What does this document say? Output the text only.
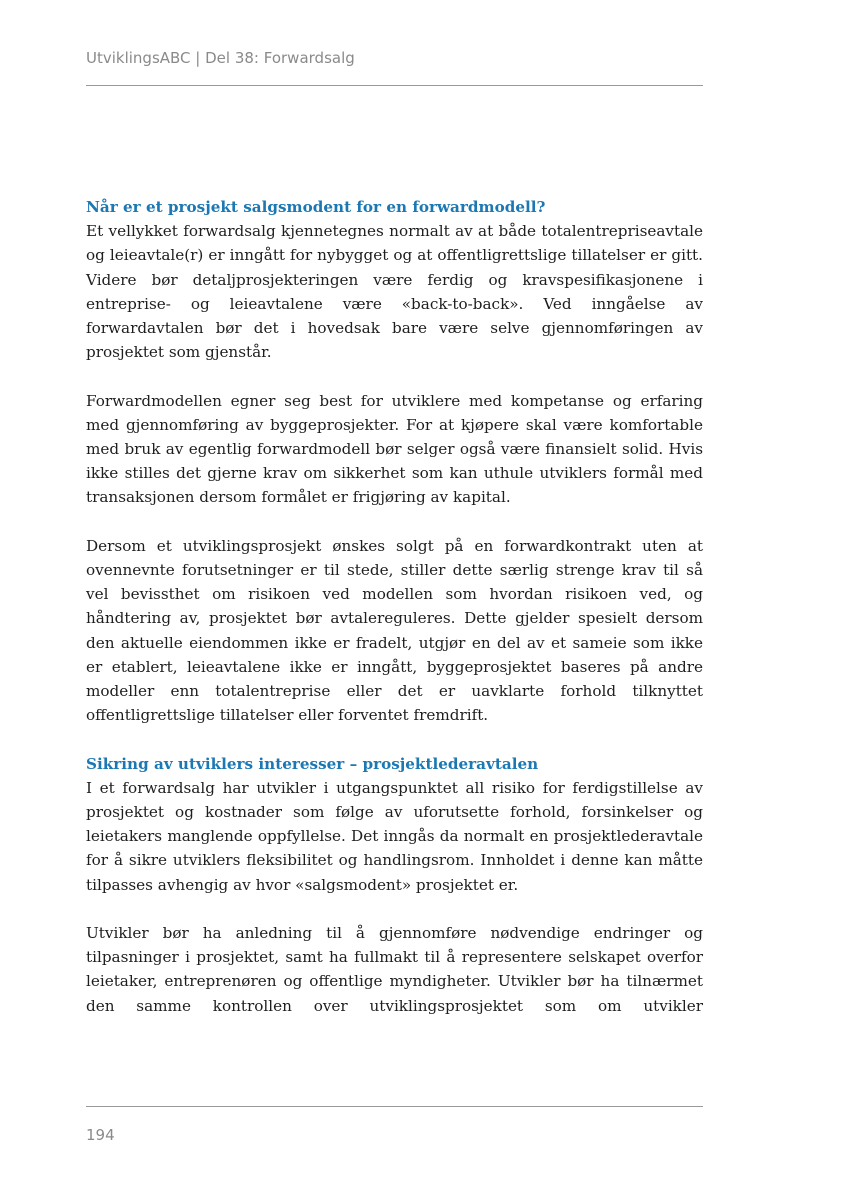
UtviklingsABC | Del 38: Forwardsalg
Når er et prosjekt salgsmodent for en forwardmodell?

Et vellykket forwardsalg kjennetegnes normalt av at både totalentrepriseavtale og leieavtale(r) er inngått for nybygget og at offentligrettslige tillatelser er gitt. Videre bør detaljprosjekteringen være ferdig og kravspesifikasjonene i entreprise- og leieavtalene være «back-to-back». Ved inngåelse av forwardavtalen bør det i hovedsak bare være selve gjennomføringen av prosjektet som gjenstår.

Forwardmodellen egner seg best for utviklere med kompetanse og erfaring med gjennomføring av byggeprosjekter. For at kjøpere skal være komfortable med bruk av egentlig forwardmodell bør selger også være finansielt solid. Hvis ikke stilles det gjerne krav om sikkerhet som kan uthule utviklers formål med transaksjonen dersom formålet er frigjøring av kapital.

Dersom et utviklingsprosjekt ønskes solgt på en forwardkontrakt uten at ovennevnte forutsetninger er til stede, stiller dette særlig strenge krav til så vel bevissthet om risikoen ved modellen som hvordan risikoen ved, og håndtering av, prosjektet bør avtalereguleres. Dette gjelder spesielt dersom den aktuelle eiendommen ikke er fradelt, utgjør en del av et sameie som ikke er etablert, leieavtalene ikke er inngått, byggeprosjektet baseres på andre modeller enn totalentreprise eller det er uavklarte forhold tilknyttet offentligrettslige tillatelser eller forventet fremdrift.

Sikring av utviklers interesser – prosjektlederavtalen

I et forwardsalg har utvikler i utgangspunktet all risiko for ferdigstillelse av prosjektet og kostnader som følge av uforutsette forhold, forsinkelser og leietakers manglende oppfyllelse. Det inngås da normalt en prosjektlederavtale for å sikre utviklers fleksibilitet og handlingsrom. Innholdet i denne kan måtte tilpasses avhengig av hvor «salgsmodent» prosjektet er.

Utvikler bør ha anledning til å gjennomføre nødvendige endringer og tilpasninger i prosjektet, samt ha fullmakt til å representere selskapet overfor leietaker, entreprenøren og offentlige myndigheter. Utvikler bør ha tilnærmet den samme kontrollen over utviklingsprosjektet som om utvikler

194
